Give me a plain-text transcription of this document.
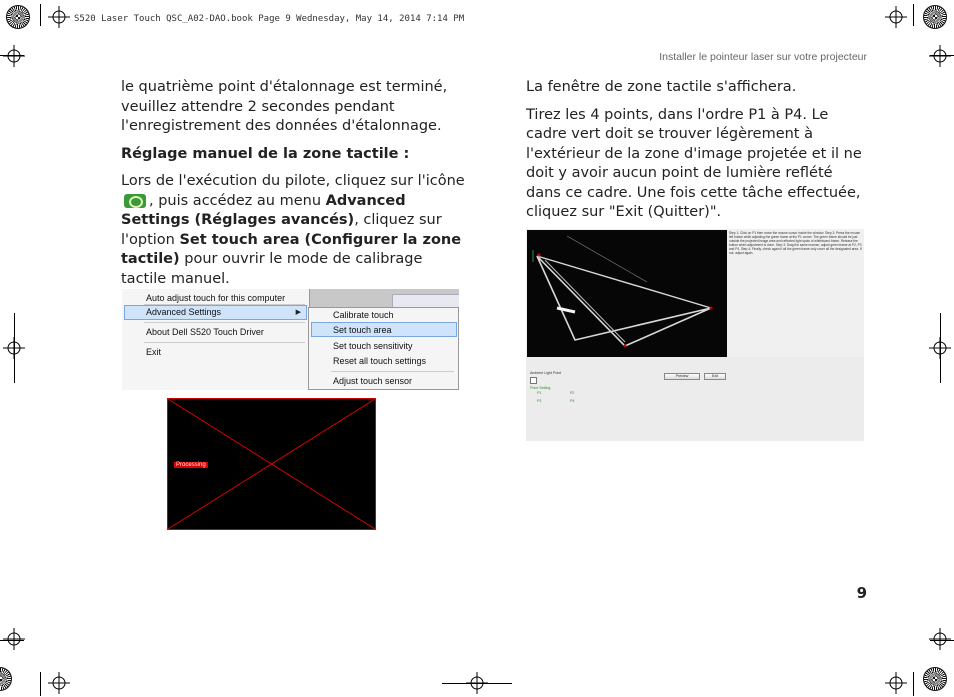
S520 Laser Touch QSC_A02-DAO.book Page 9 Wednesday, May 14, 2014 7:14 PM
Installer le pointeur laser sur votre projecteur
9

le quatrième point d'étalonnage est terminé, veuillez attendre 2 secondes pendant l'enregistrement des données d'étalonnage.

Réglage manuel de la zone tactile :

Lors de l'exécution du pilote, cliquez sur l'icône , puis accédez au menu Advanced Settings (Réglages avancés), cliquez sur l'option Set touch area (Configurer la zone tactile) pour ouvrir le mode de calibrage tactile manuel.

Auto adjust touch for this computer
Advanced Settings	▶
About Dell S520 Touch Driver
Exit
Calibrate touch
Set touch area
Set touch sensitivity
Reset all touch settings
Adjust touch sensor
Processing

La fenêtre de zone tactile s'affichera.

Tirez les 4 points, dans l'ordre P1 à P4. Le cadre vert doit se trouver légèrement à l'extérieur de la zone d'image projetée et il ne doit y avoir aucun point de lumière reflété dans ce cadre. Une fois cette tâche effectuée, cliquez sur "Exit (Quitter)".

Step 1: Click on P1 then move the mouse cursor inside the window. Step 2: Press the mouse left button while adjusting the green frame at the P1 corner. The green frame should be just outside the projected image area and reflected light spots of whiteboard frame. Release the button when adjustment is done. Step 3: Drag the same manner, adjust green frame at P2, P3 and P4. Step 4: Finally, check again if all the green frame only cover all the designated area. If not, adjust again.
Ambient Light Point
Point Setting
P1	P2
P3	P4
Preview	Exit
